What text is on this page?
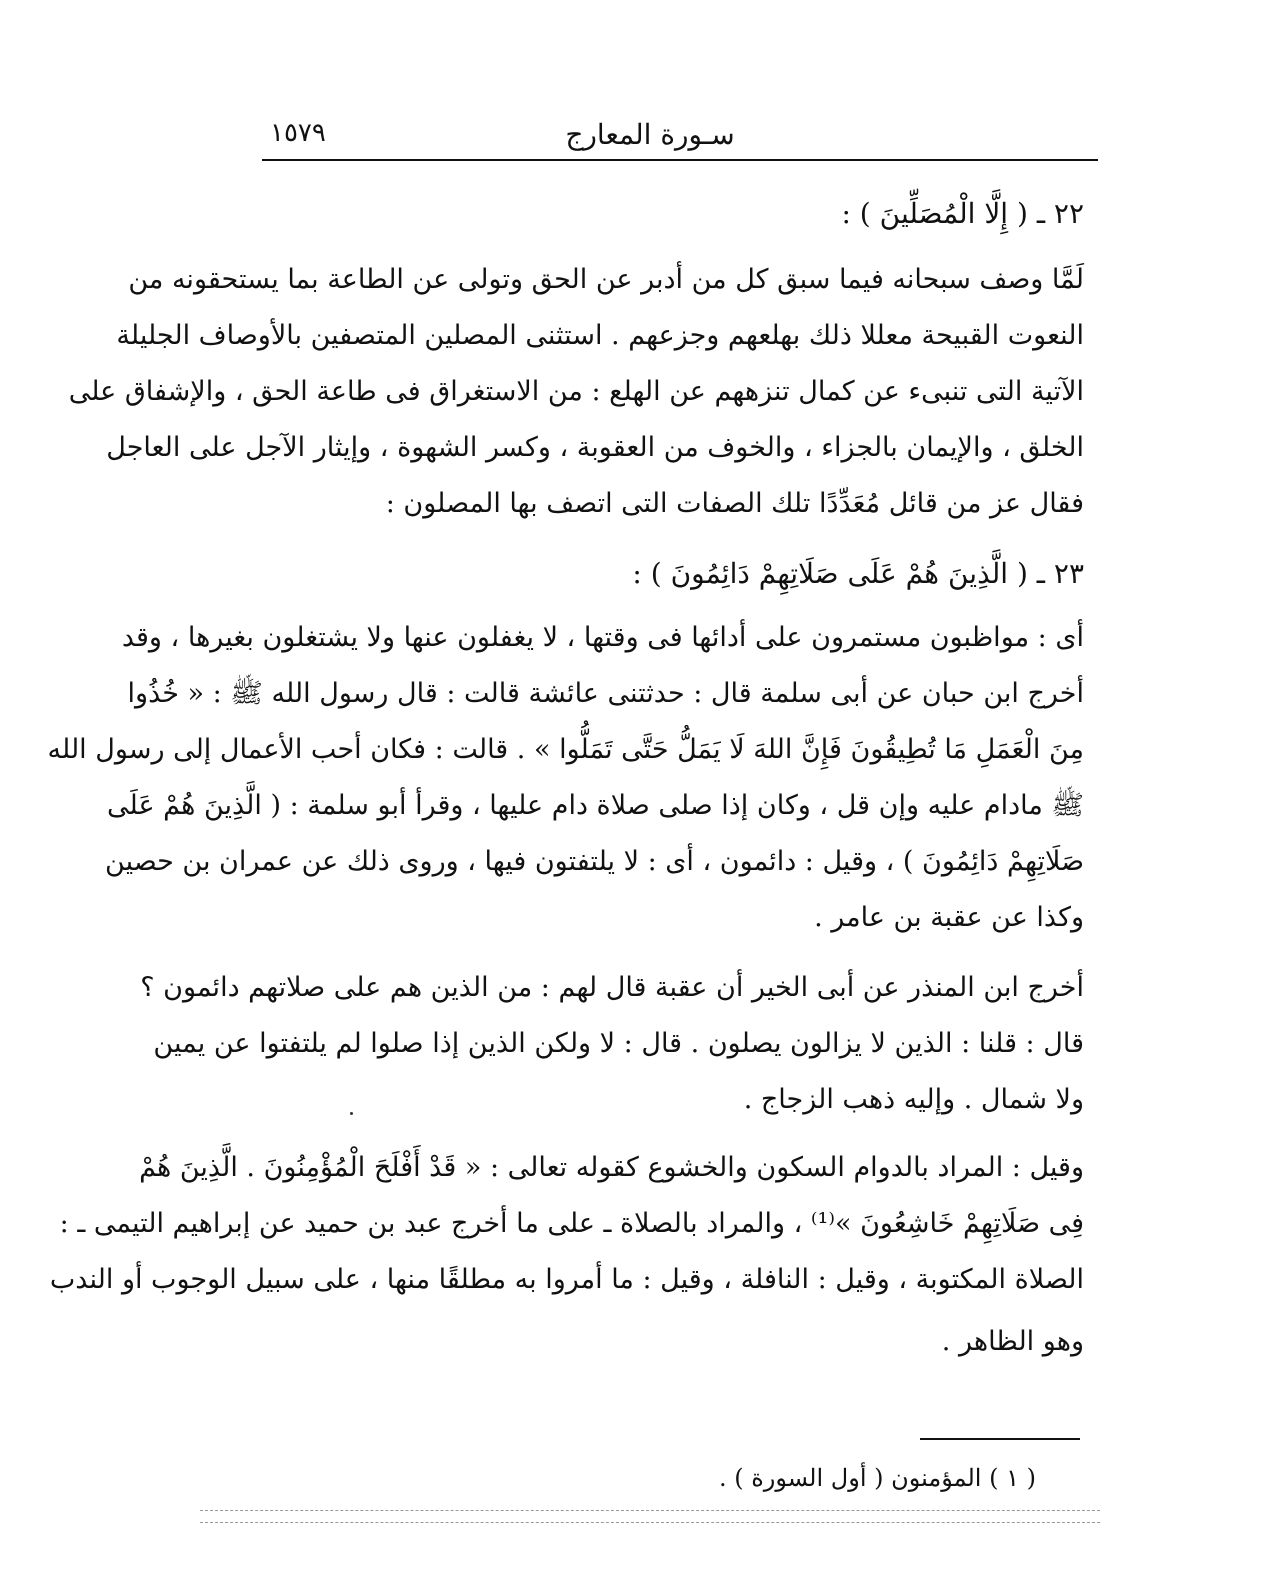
سـورة المعارج
١٥٧٩
٢٢ ـ ( إِلَّا الْمُصَلِّينَ ) :
لَمَّا وصف سبحانه فيما سبق كل من أدبر عن الحق وتولى عن الطاعة بما يستحقونه من
النعوت القبيحة معللا ذلك بهلعهم وجزعهم . استثنى المصلين المتصفين بالأوصاف الجليلة
الآتية التى تنبىء عن كمال تنزههم عن الهلع : من الاستغراق فى طاعة الحق ، والإشفاق على
الخلق ، والإيمان بالجزاء ، والخوف من العقوبة ، وكسر الشهوة ، وإيثار الآجل على العاجل
فقال عز من قائل مُعَدِّدًا تلك الصفات التى اتصف بها المصلون :
٢٣ ـ ( الَّذِينَ هُمْ عَلَى صَلَاتِهِمْ دَائِمُونَ ) :
أى : مواظبون مستمرون على أدائها فى وقتها ، لا يغفلون عنها ولا يشتغلون بغيرها ، وقد
أخرج ابن حبان عن أبى سلمة قال : حدثتنى عائشة قالت : قال رسول الله ﷺ : « خُذُوا
مِنَ الْعَمَلِ مَا تُطِيقُونَ فَإِنَّ اللهَ لَا يَمَلُّ حَتَّى تَمَلُّوا » . قالت : فكان أحب الأعمال إلى رسول الله
ﷺ مادام عليه وإن قل ، وكان إذا صلى صلاة دام عليها ، وقرأ أبو سلمة : ( الَّذِينَ هُمْ عَلَى
صَلَاتِهِمْ دَائِمُونَ ) ، وقيل : دائمون ، أى : لا يلتفتون فيها ، وروى ذلك عن عمران بن حصين
وكذا عن عقبة بن عامر .
أخرج ابن المنذر عن أبى الخير أن عقبة قال لهم : من الذين هم على صلاتهم دائمون ؟
قال : قلنا : الذين لا يزالون يصلون . قال : لا ولكن الذين إذا صلوا لم يلتفتوا عن يمين
ولا شمال . وإليه ذهب الزجاج .
وقيل : المراد بالدوام السكون والخشوع كقوله تعالى : « قَدْ أَفْلَحَ الْمُؤْمِنُونَ . الَّذِينَ هُمْ
فِى صَلَاتِهِمْ خَاشِعُونَ »⁽¹⁾ ، والمراد بالصلاة ـ على ما أخرج عبد بن حميد عن إبراهيم التيمى ـ :
الصلاة المكتوبة ، وقيل : النافلة ، وقيل : ما أمروا به مطلقًا منها ، على سبيل الوجوب أو الندب
وهو الظاهر .
( ١ ) المؤمنون ( أول السورة ) .
